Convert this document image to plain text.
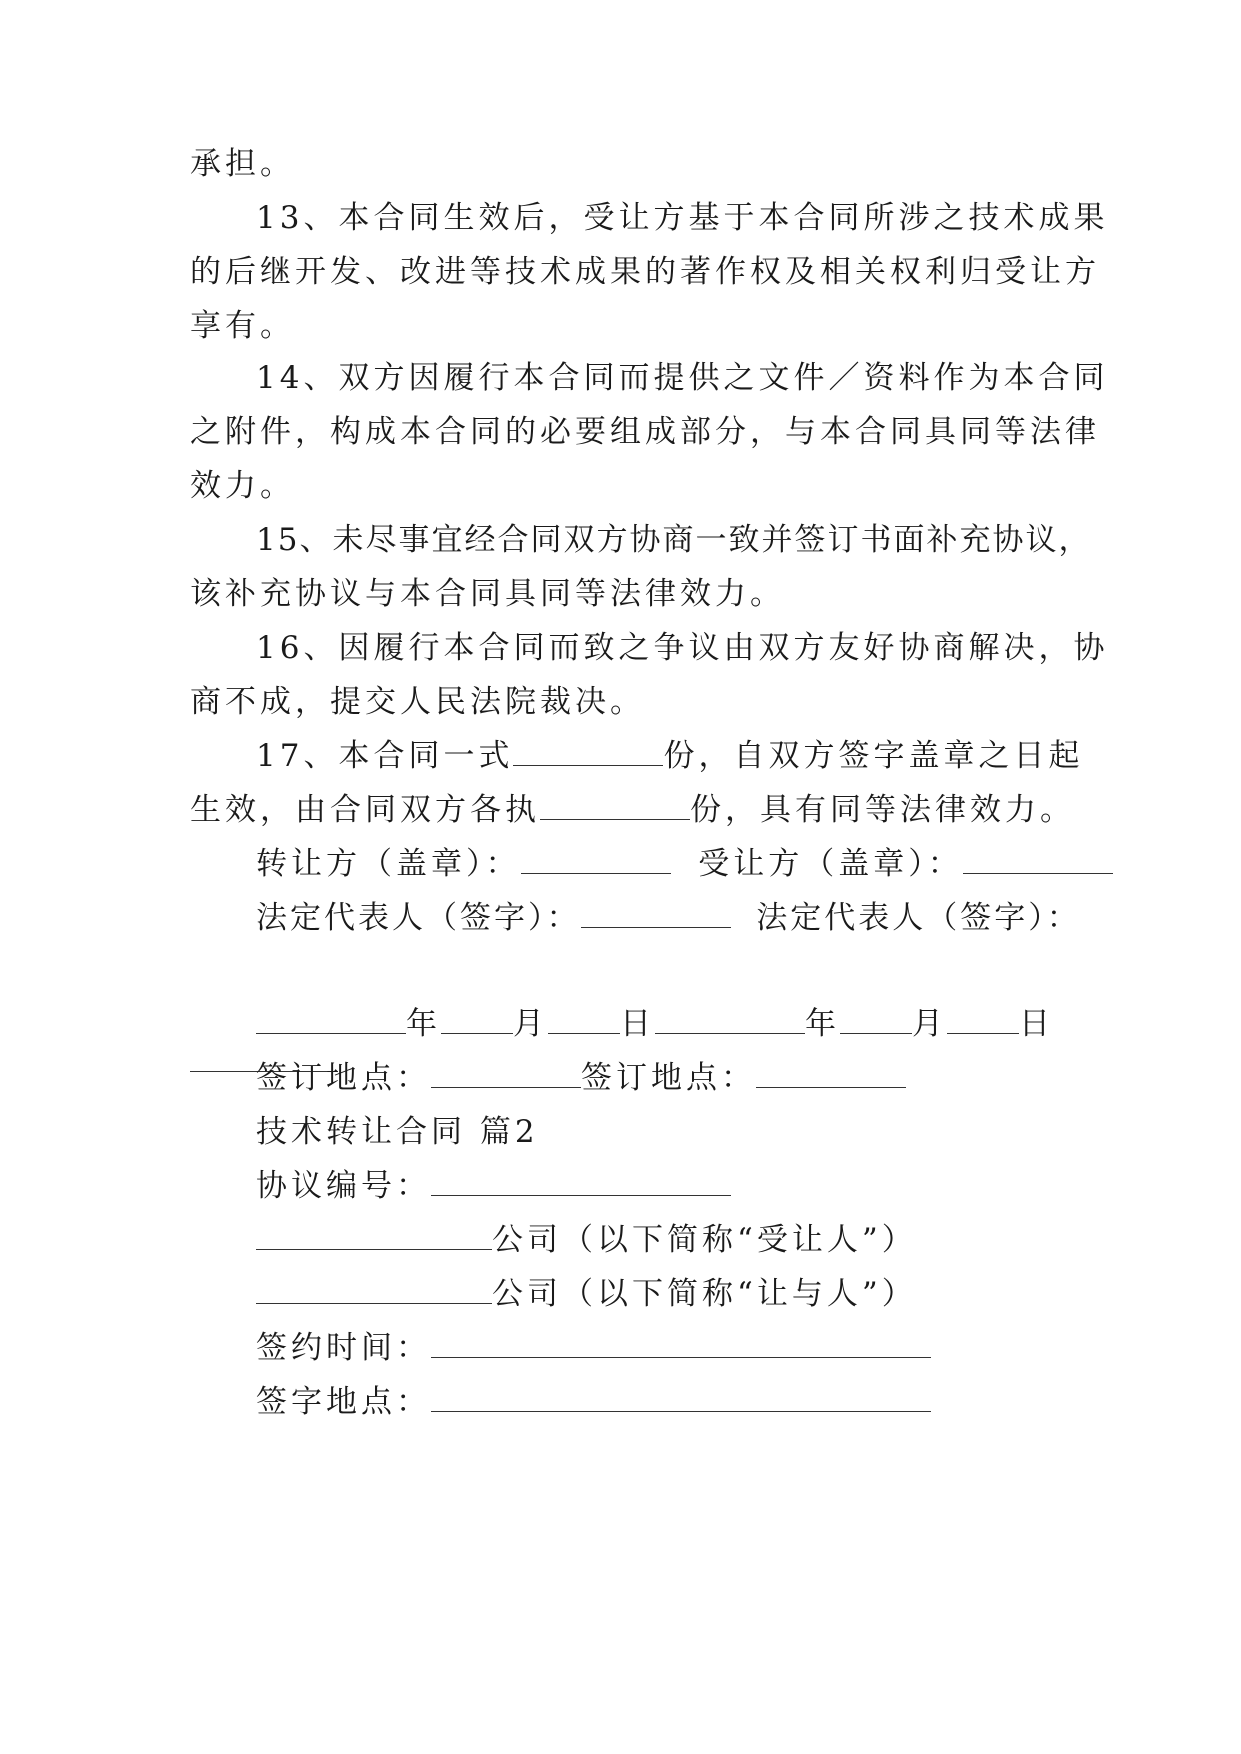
承担。
13、本合同生效后，受让方基于本合同所涉之技术成果
的后继开发、改进等技术成果的著作权及相关权利归受让方
享有。
14、双方因履行本合同而提供之文件／资料作为本合同
之附件，构成本合同的必要组成部分，与本合同具同等法律
效力。
15、未尽事宜经合同双方协商一致并签订书面补充协议，
该补充协议与本合同具同等法律效力。
16、因履行本合同而致之争议由双方友好协商解决，协
商不成，提交人民法院裁决。
17、本合同一式	份，自双方签字盖章之日起
生效，由合同双方各执	份，具有同等法律效力。
转让方（盖章）：	受让方（盖章）：
法定代表人（签字）：	法定代表人（签字）：
年 月 日	年 月 日
签订地点：	签订地点：
技术转让合同 篇2
协议编号：
公司（以下简称“受让人”）
公司（以下简称“让与人”）
签约时间：
签字地点：
